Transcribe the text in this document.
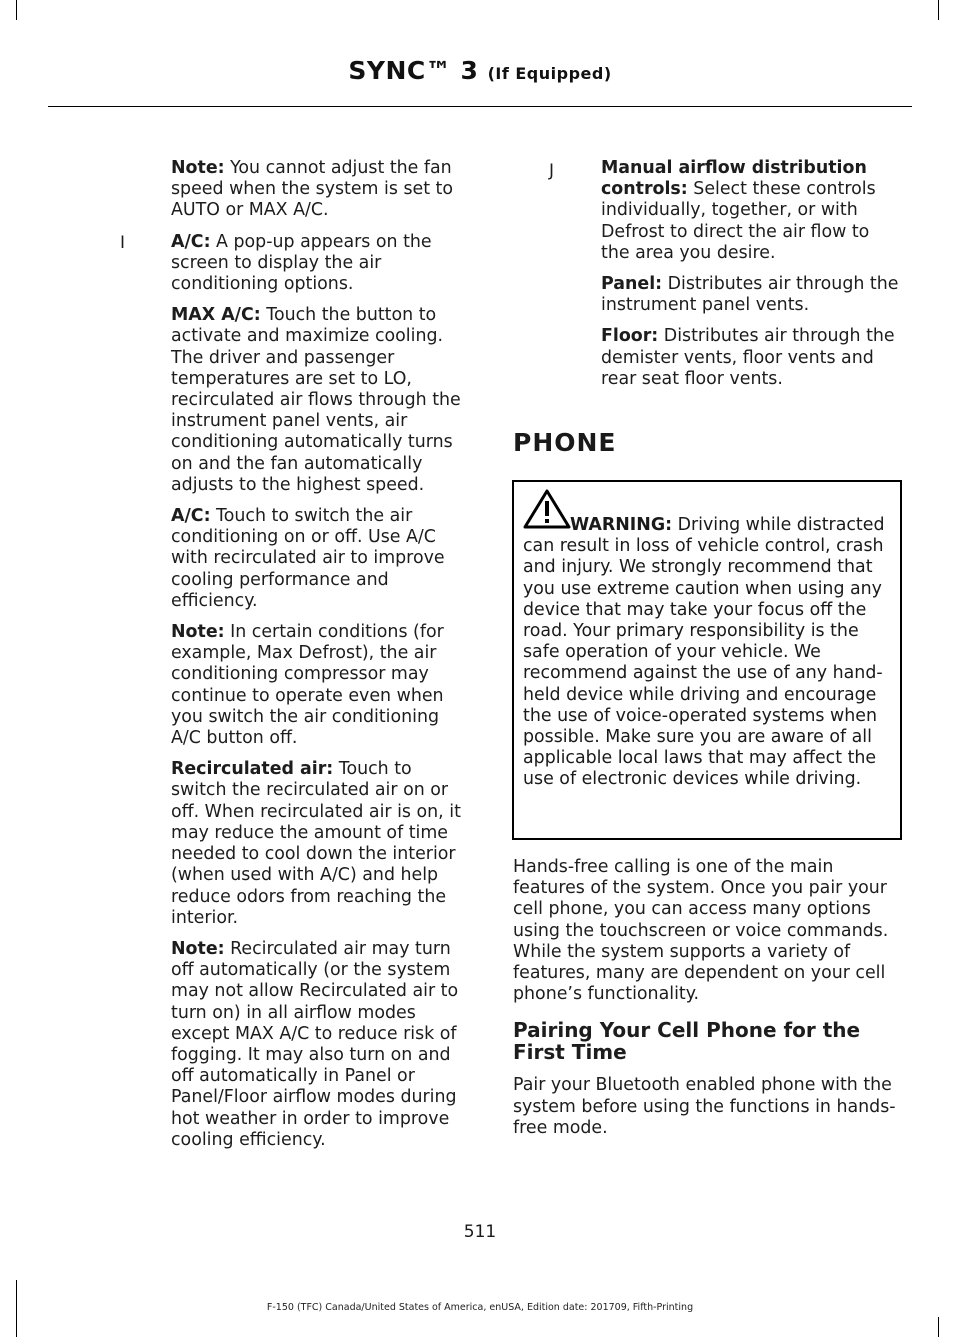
SYNC™ 3 (If Equipped)
I

Note: You cannot adjust the fan speed when the system is set to AUTO or MAX A/C.

A/C: A pop-up appears on the screen to display the air conditioning options.

MAX A/C: Touch the button to activate and maximize cooling. The driver and passenger temperatures are set to LO, recirculated air flows through the instrument panel vents, air conditioning automatically turns on and the fan automatically adjusts to the highest speed.

A/C: Touch to switch the air conditioning on or off. Use A/C with recirculated air to improve cooling performance and efficiency.

Note: In certain conditions (for example, Max Defrost), the air conditioning compressor may continue to operate even when you switch the air conditioning A/C button off.

Recirculated air: Touch to switch the recirculated air on or off. When recirculated air is on, it may reduce the amount of time needed to cool down the interior (when used with A/C) and help reduce odors from reaching the interior.

Note: Recirculated air may turn off automatically (or the system may not allow Recirculated air to turn on) in all airflow modes except MAX A/C to reduce risk of fogging. It may also turn on and off automatically in Panel or Panel/Floor airflow modes during hot weather in order to improve cooling efficiency.

J	Manual airflow distribution controls: Select these controls individually, together, or with Defrost to direct the air flow to the area you desire.

Panel: Distributes air through the instrument panel vents.

Floor: Distributes air through the demister vents, floor vents and rear seat floor vents.

PHONE
WARNING: Driving while distracted can result in loss of vehicle control, crash and injury. We strongly recommend that you use extreme caution when using any device that may take your focus off the road. Your primary responsibility is the safe operation of your vehicle. We recommend against the use of any hand-held device while driving and encourage the use of voice-operated systems when possible. Make sure you are aware of all applicable local laws that may affect the use of electronic devices while driving.

Hands-free calling is one of the main features of the system. Once you pair your cell phone, you can access many options using the touchscreen or voice commands. While the system supports a variety of features, many are dependent on your cell phone’s functionality.

Pairing Your Cell Phone for the First Time

Pair your Bluetooth enabled phone with the system before using the functions in hands-free mode.

511
F-150 (TFC) Canada/United States of America, enUSA, Edition date: 201709, Fifth-Printing
